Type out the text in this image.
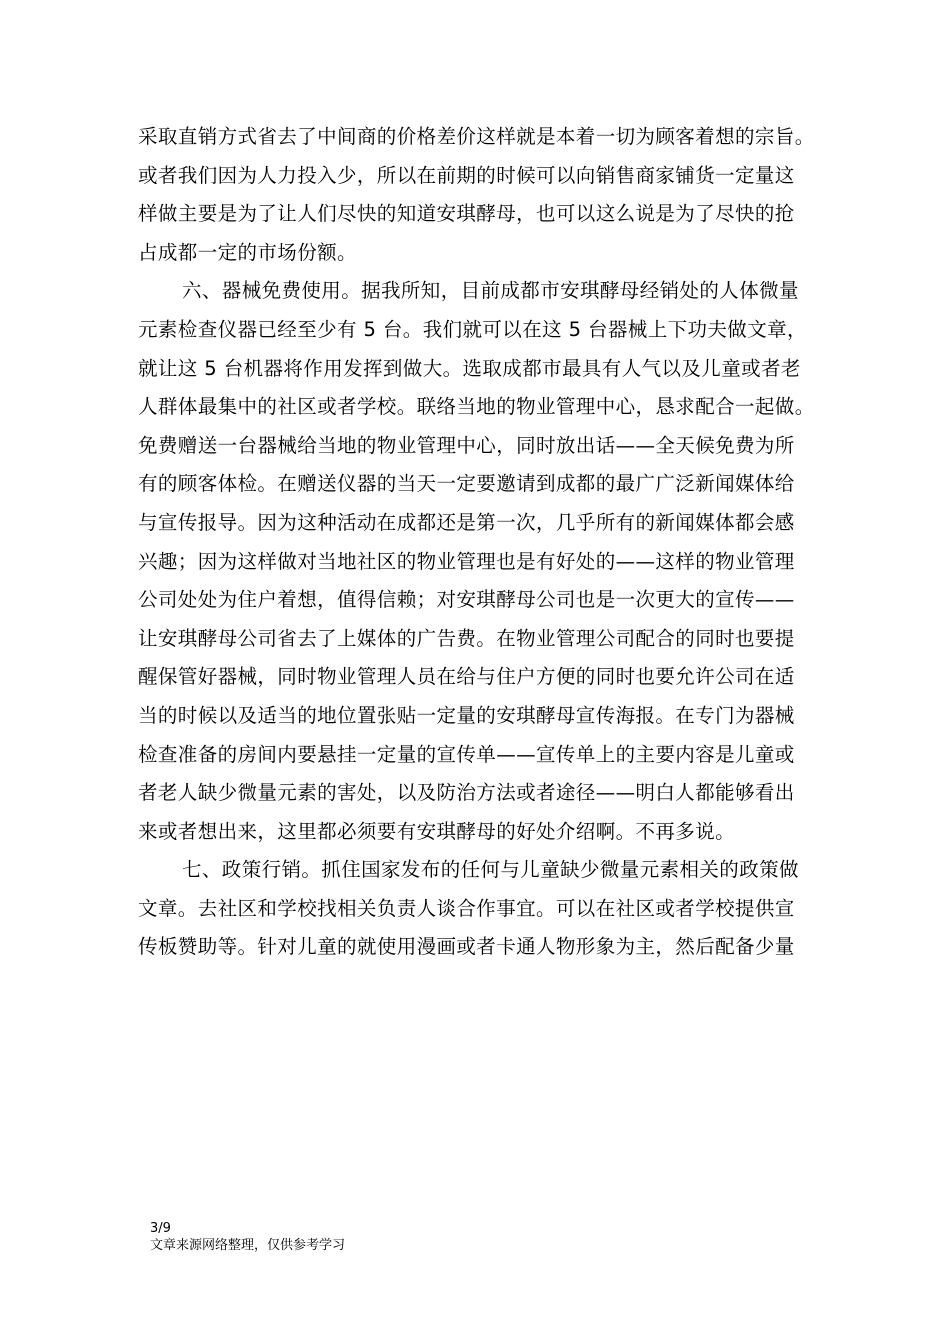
采取直销方式省去了中间商的价格差价这样就是本着一切为顾客着想的宗旨。
或者我们因为人力投入少，所以在前期的时候可以向销售商家铺货一定量这
样做主要是为了让人们尽快的知道安琪酵母，也可以这么说是为了尽快的抢
占成都一定的市场份额。
六、器械免费使用。据我所知，目前成都市安琪酵母经销处的人体微量
元素检查仪器已经至少有 5 台。我们就可以在这 5 台器械上下功夫做文章，
就让这 5 台机器将作用发挥到做大。选取成都市最具有人气以及儿童或者老
人群体最集中的社区或者学校。联络当地的物业管理中心，恳求配合一起做。
免费赠送一台器械给当地的物业管理中心，同时放出话——全天候免费为所
有的顾客体检。在赠送仪器的当天一定要邀请到成都的最广广泛新闻媒体给
与宣传报导。因为这种活动在成都还是第一次，几乎所有的新闻媒体都会感
兴趣；因为这样做对当地社区的物业管理也是有好处的——这样的物业管理
公司处处为住户着想，值得信赖；对安琪酵母公司也是一次更大的宣传——
让安琪酵母公司省去了上媒体的广告费。在物业管理公司配合的同时也要提
醒保管好器械，同时物业管理人员在给与住户方便的同时也要允许公司在适
当的时候以及适当的地位置张贴一定量的安琪酵母宣传海报。在专门为器械
检查准备的房间内要悬挂一定量的宣传单——宣传单上的主要内容是儿童或
者老人缺少微量元素的害处，以及防治方法或者途径——明白人都能够看出
来或者想出来，这里都必须要有安琪酵母的好处介绍啊。不再多说。
七、政策行销。抓住国家发布的任何与儿童缺少微量元素相关的政策做
文章。去社区和学校找相关负责人谈合作事宜。可以在社区或者学校提供宣
传板赞助等。针对儿童的就使用漫画或者卡通人物形象为主，然后配备少量
3/9
文章来源网络整理，仅供参考学习
